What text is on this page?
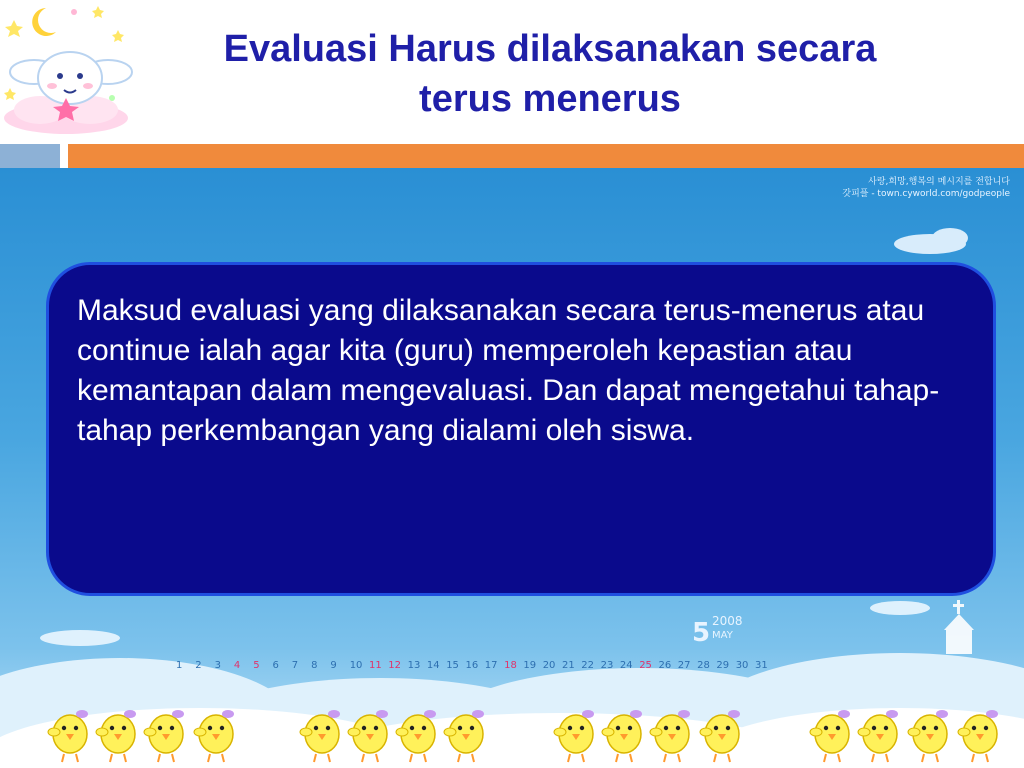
Evaluasi Harus dilaksanakan secara
terus menerus
사랑,희망,행복의 메시지를 전합니다
갓피플 - town.cyworld.com/godpeople

Maksud evaluasi yang dilaksanakan secara terus-menerus atau continue ialah agar kita (guru) memperoleh kepastian atau kemantapan dalam mengevaluasi. Dan dapat mengetahui tahap-tahap perkembangan yang dialami oleh siswa.

2008
5 MAY
1 2 3 4 5 6 7 8 9 10 11 12 13 14 15 16 17 18 19 20 21 22 23 24 25 26 27 28 29 30 31
